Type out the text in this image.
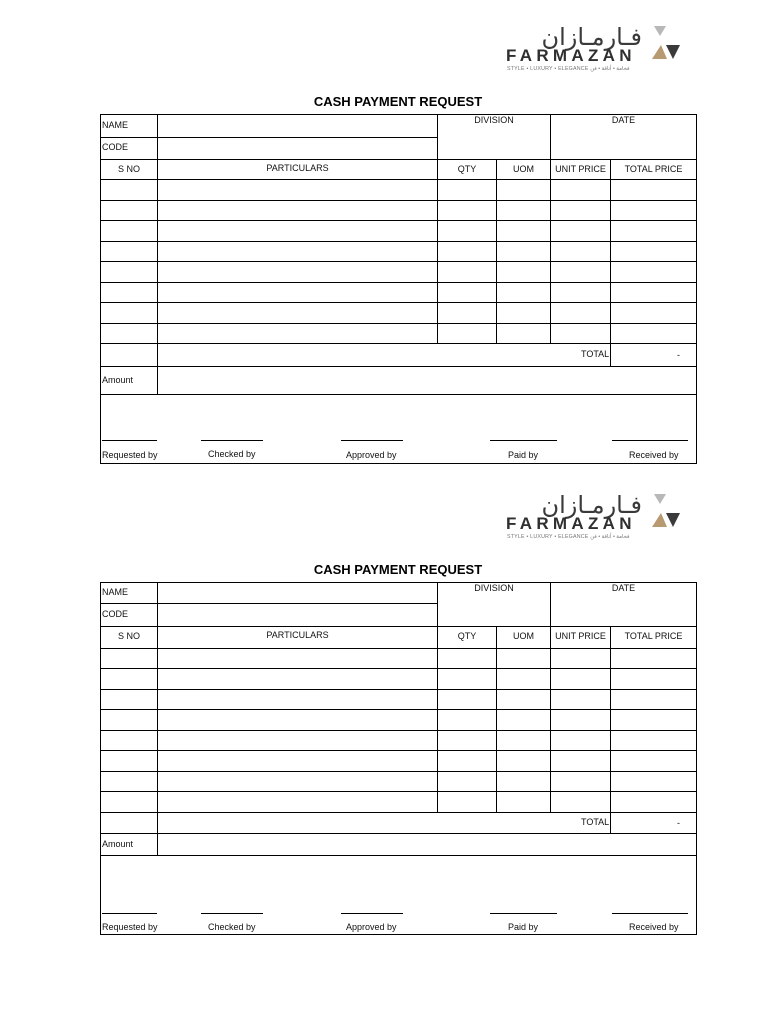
فـارمـازان
FARMAZAN
STYLE • LUXURY • ELEGANCE فخامة • أناقة • فن
CASH PAYMENT REQUEST
NAME
CODE
DIVISION	DATE
S NO	PARTICULARS	QTY	UOM	UNIT PRICE	TOTAL PRICE
TOTAL	-
Amount
Requested by	Checked by	Approved by	Paid by	Received by
فـارمـازان
FARMAZAN
STYLE • LUXURY • ELEGANCE فخامة • أناقة • فن
CASH PAYMENT REQUEST
NAME
CODE
DIVISION	DATE
S NO	PARTICULARS	QTY	UOM	UNIT PRICE	TOTAL PRICE
TOTAL	-
Amount
Requested by	Checked by	Approved by	Paid by	Received by
